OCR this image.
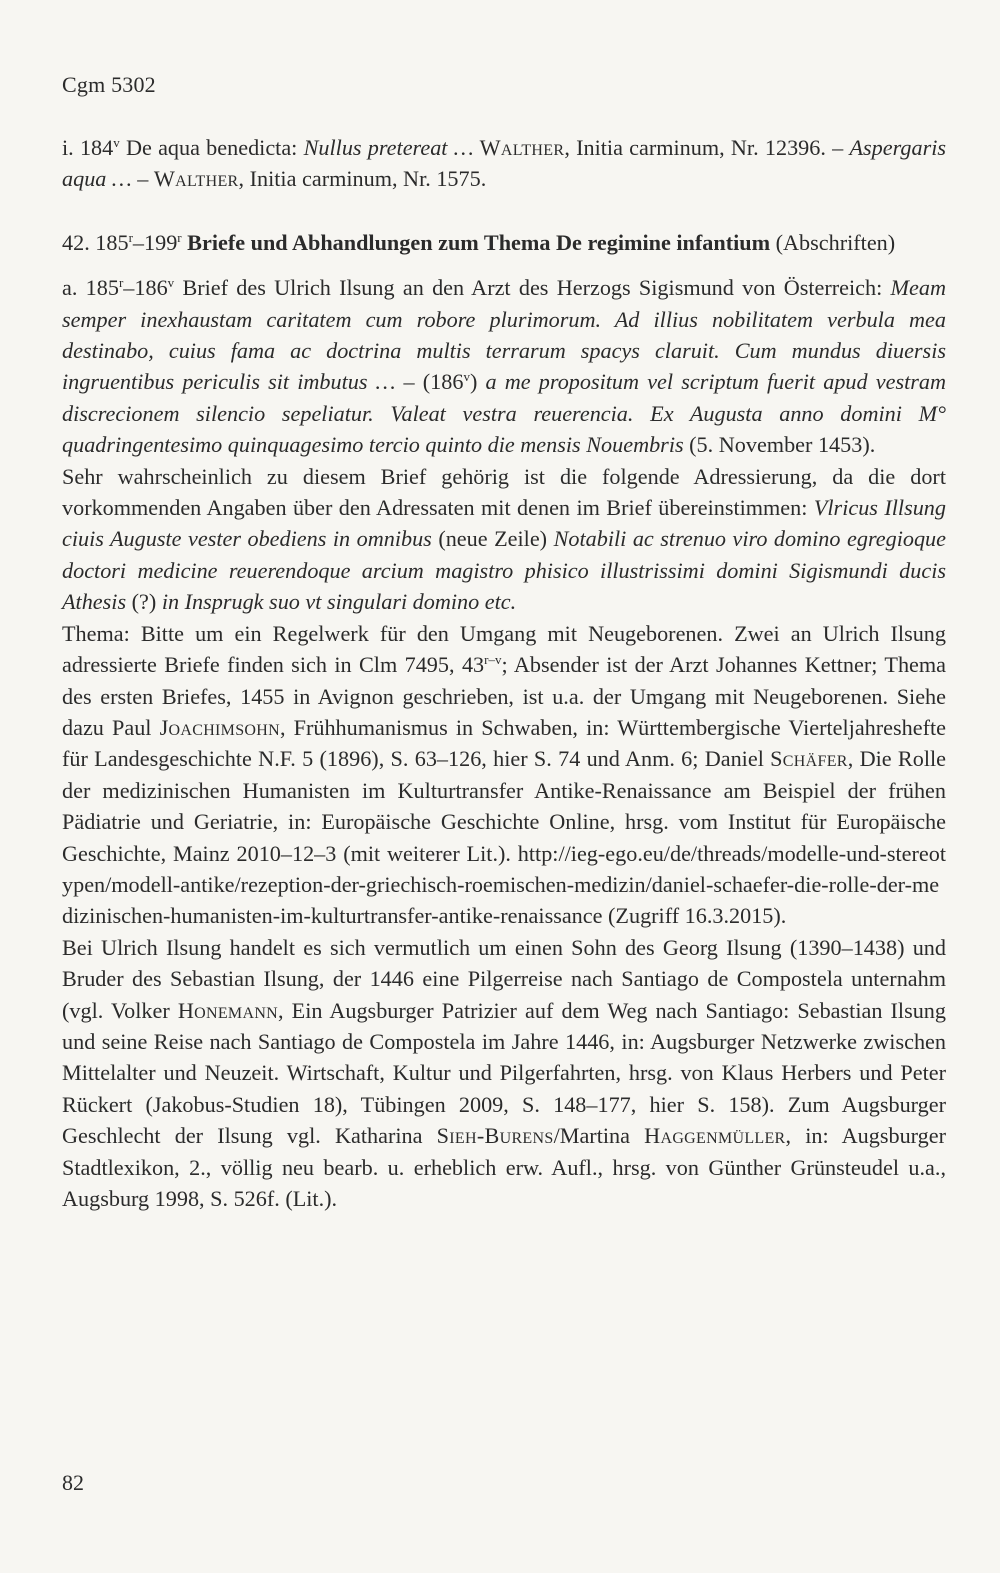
Cgm 5302

i. 184$^v$ De aqua benedicta: Nullus pretereat … Walther, Initia carminum, Nr. 12396. – Aspergaris aqua … – Walther, Initia carminum, Nr. 1575.

42. 185$^r$–199$^r$ Briefe und Abhandlungen zum Thema De regimine infantium (Abschriften)

a. 185$^r$–186$^v$ Brief des Ulrich Ilsung an den Arzt des Herzogs Sigismund von Österreich: Meam semper inexhaustam caritatem cum robore plurimorum. Ad illius nobilitatem verbula mea destinabo, cuius fama ac doctrina multis terrarum spacys claruit. Cum mundus diuersis ingruentibus periculis sit imbutus … – (186$^v$) a me propositum vel scriptum fuerit apud vestram discrecionem silencio sepeliatur. Valeat vestra reuerencia. Ex Augusta anno domini M° quadringentesimo quinquagesimo tercio quinto die mensis Nouembris (5. November 1453).

Sehr wahrscheinlich zu diesem Brief gehörig ist die folgende Adressierung, da die dort vorkommenden Angaben über den Adressaten mit denen im Brief übereinstimmen: Vlricus Illsung ciuis Auguste vester obediens in omnibus (neue Zeile) Notabili ac strenuo viro domino egregioque doctori medicine reuerendoque arcium magistro phisico illustrissimi domini Sigismundi ducis Athesis (?) in Insprugk suo vt singulari domino etc.

Thema: Bitte um ein Regelwerk für den Umgang mit Neugeborenen. Zwei an Ulrich Ilsung adressierte Briefe finden sich in Clm 7495, 43$^{r-v}$; Absender ist der Arzt Johannes Kettner; Thema des ersten Briefes, 1455 in Avignon geschrieben, ist u.a. der Umgang mit Neugeborenen. Siehe dazu Paul Joachimsohn, Frühhumanismus in Schwaben, in: Württembergische Vierteljahreshefte für Landesgeschichte N.F. 5 (1896), S. 63–126, hier S. 74 und Anm. 6; Daniel Schäfer, Die Rolle der medizinischen Humanisten im Kulturtransfer Antike-Renaissance am Beispiel der frühen Pädiatrie und Geriatrie, in: Europäische Geschichte Online, hrsg. vom Institut für Europäische Geschichte, Mainz 2010–12–3 (mit weiterer Lit.). http://ieg-ego.eu/de/threads/modelle-und-stereotypen/modell-antike/rezeption-der-griechisch-roemischen-medizin/daniel-schaefer-die-rolle-der-medizinischen-humanisten-im-kulturtransfer-antike-renaissance (Zugriff 16.3.2015).

Bei Ulrich Ilsung handelt es sich vermutlich um einen Sohn des Georg Ilsung (1390–1438) und Bruder des Sebastian Ilsung, der 1446 eine Pilgerreise nach Santiago de Compostela unternahm (vgl. Volker Honemann, Ein Augsburger Patrizier auf dem Weg nach Santiago: Sebastian Ilsung und seine Reise nach Santiago de Compostela im Jahre 1446, in: Augsburger Netzwerke zwischen Mittelalter und Neuzeit. Wirtschaft, Kultur und Pilgerfahrten, hrsg. von Klaus Herbers und Peter Rückert (Jakobus-Studien 18), Tübingen 2009, S. 148–177, hier S. 158). Zum Augsburger Geschlecht der Ilsung vgl. Katharina Sieh-Burens/Martina Haggenmüller, in: Augsburger Stadtlexikon, 2., völlig neu bearb. u. erheblich erw. Aufl., hrsg. von Günther Grünsteudel u.a., Augsburg 1998, S. 526f. (Lit.).

82
